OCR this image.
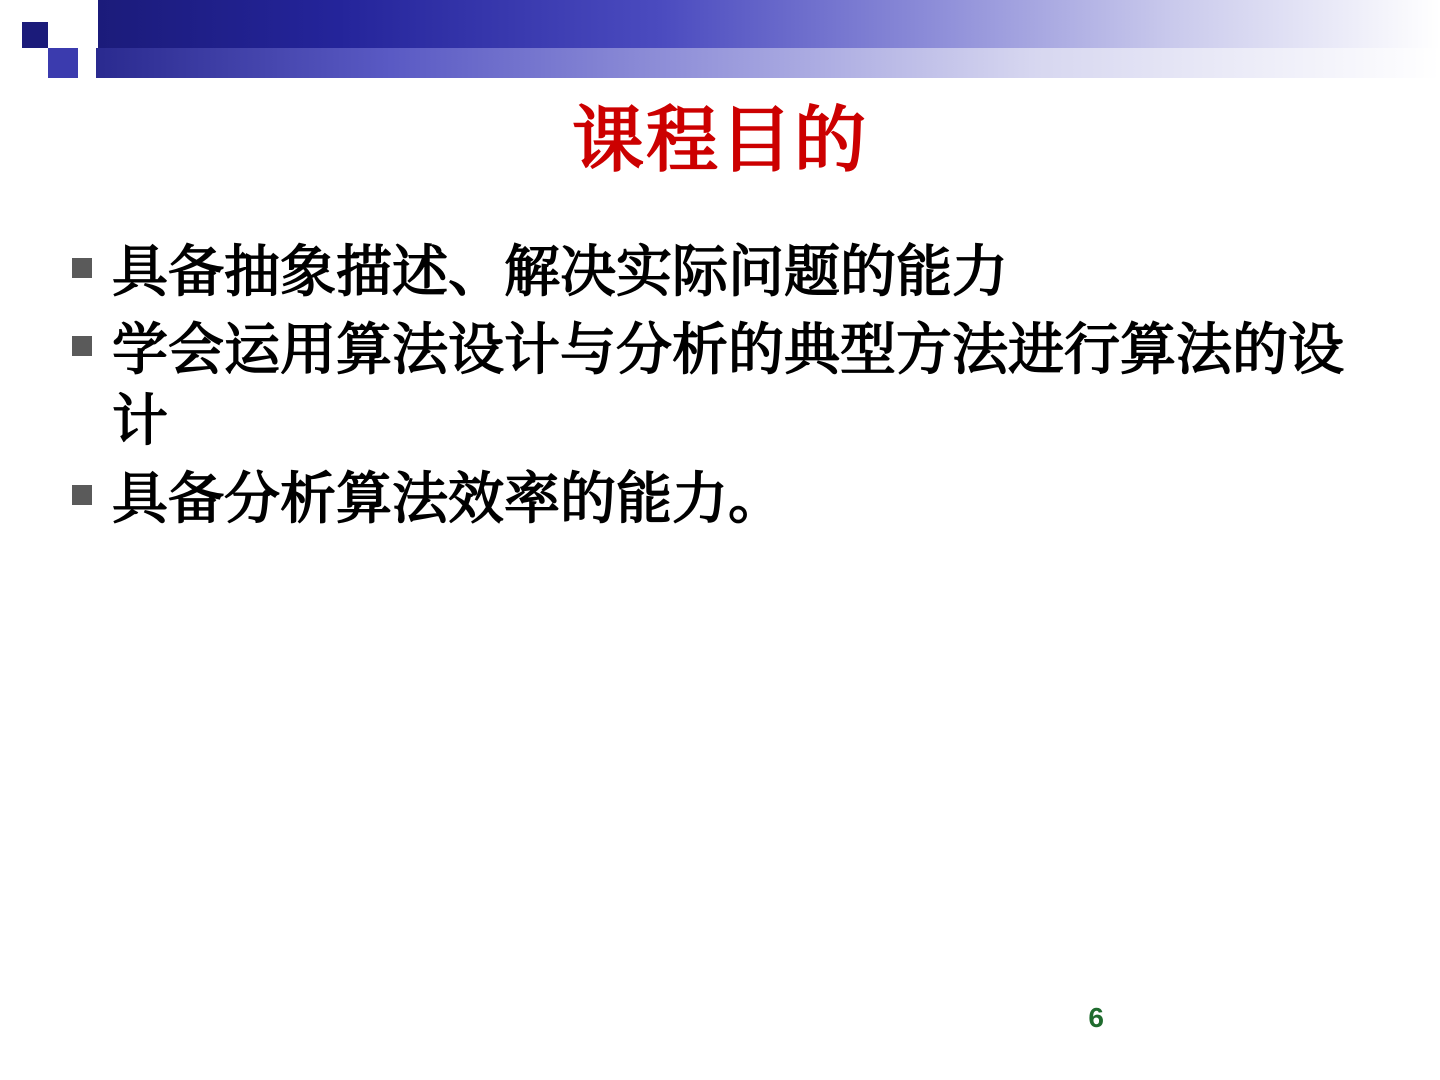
课程目的
具备抽象描述、解决实际问题的能力
学会运用算法设计与分析的典型方法进行算法的设计
具备分析算法效率的能力。
6
